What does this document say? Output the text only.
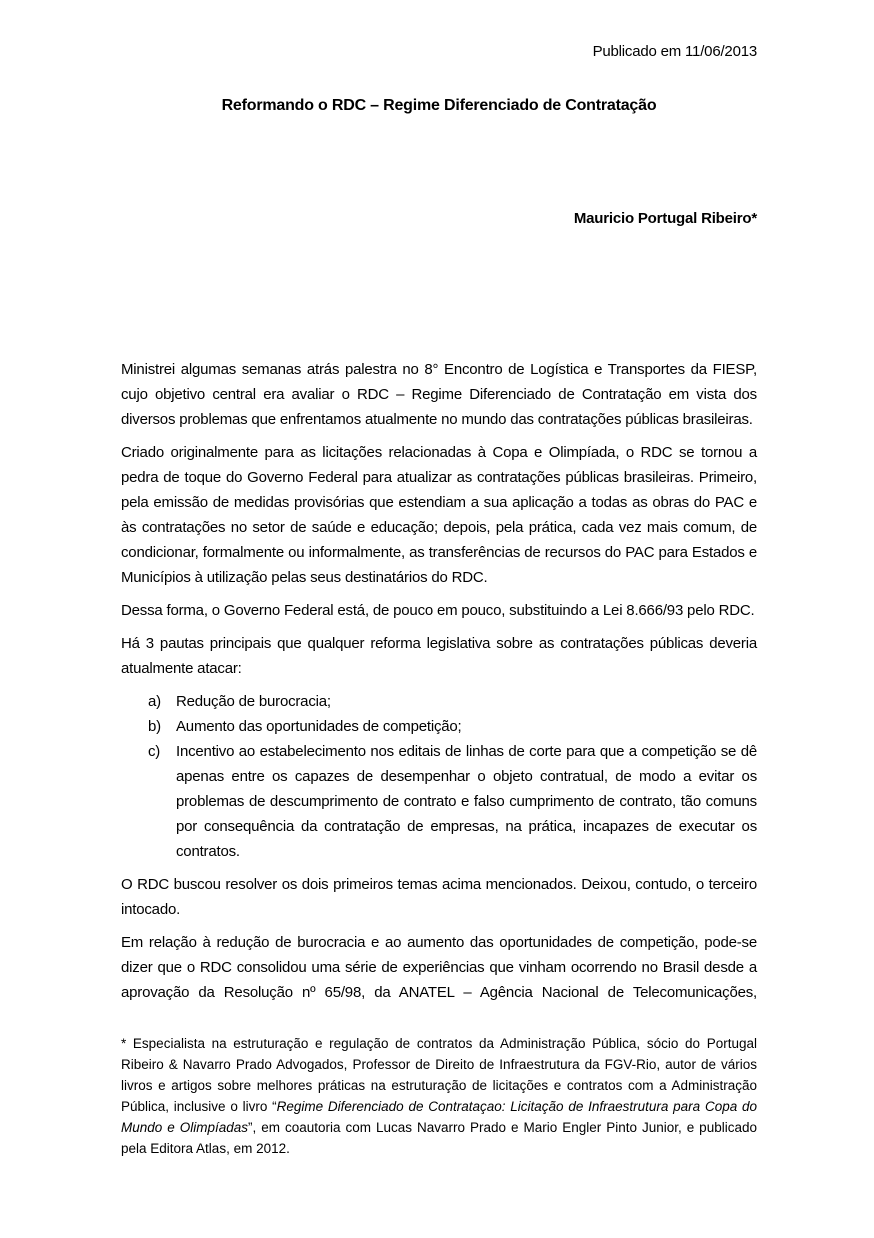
Publicado em 11/06/2013
Reformando o RDC – Regime Diferenciado de Contratação
Mauricio Portugal Ribeiro*

Ministrei algumas semanas atrás palestra no 8° Encontro de Logística e Transportes da FIESP, cujo objetivo central era avaliar o RDC – Regime Diferenciado de Contratação em vista dos diversos problemas que enfrentamos atualmente no mundo das contratações públicas brasileiras.

Criado originalmente para as licitações relacionadas à Copa e Olimpíada, o RDC se tornou a pedra de toque do Governo Federal para atualizar as contratações públicas brasileiras. Primeiro, pela emissão de medidas provisórias que estendiam a sua aplicação a todas as obras do PAC e às contratações no setor de saúde e educação; depois, pela prática, cada vez mais comum, de condicionar, formalmente ou informalmente, as transferências de recursos do PAC para Estados e Municípios à utilização pelas seus destinatários do RDC.

Dessa forma, o Governo Federal está, de pouco em pouco, substituindo a Lei 8.666/93 pelo RDC.

Há 3 pautas principais que qualquer reforma legislativa sobre as contratações públicas deveria atualmente atacar:

a)	Redução de burocracia;
b)	Aumento das oportunidades de competição;
c)	Incentivo ao estabelecimento nos editais de linhas de corte para que a competição se dê apenas entre os capazes de desempenhar o objeto contratual, de modo a evitar os problemas de descumprimento de contrato e falso cumprimento de contrato, tão comuns por consequência da contratação de empresas, na prática, incapazes de executar os contratos.

O RDC buscou resolver os dois primeiros temas acima mencionados. Deixou, contudo, o terceiro intocado.

Em relação à redução de burocracia e ao aumento das oportunidades de competição, pode-se dizer que o RDC consolidou uma série de experiências que vinham ocorrendo no Brasil desde a aprovação da Resolução nº 65/98, da ANATEL – Agência Nacional de Telecomunicações,

* Especialista na estruturação e regulação de contratos da Administração Pública, sócio do Portugal Ribeiro & Navarro Prado Advogados, Professor de Direito de Infraestrutura da FGV-Rio, autor de vários livros e artigos sobre melhores práticas na estruturação de licitações e contratos com a Administração Pública, inclusive o livro “Regime Diferenciado de Contrataçao: Licitação de Infraestrutura para Copa do Mundo e Olimpíadas”, em coautoria com Lucas Navarro Prado e Mario Engler Pinto Junior, e publicado pela Editora Atlas, em 2012.
